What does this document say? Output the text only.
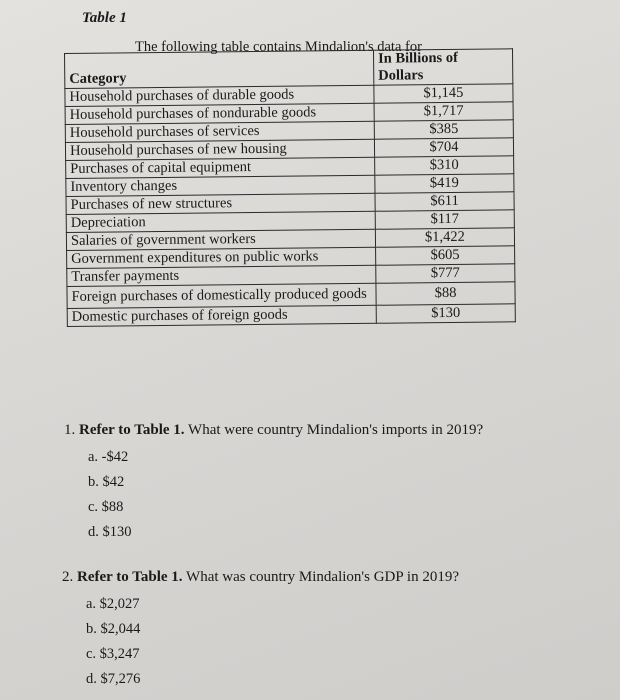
Table 1
The following table contains Mindalion's data for
Category	In Billions of
Dollars

Household purchases of durable goods	$1,145
Household purchases of nondurable goods	$1,717
Household purchases of services	$385
Household purchases of new housing	$704
Purchases of capital equipment	$310
Inventory changes	$419
Purchases of new structures	$611
Depreciation	$117
Salaries of government workers	$1,422
Government expenditures on public works	$605
Transfer payments	$777
Foreign purchases of domestically produced goods	$88
Domestic purchases of foreign goods	$130
1. Refer to Table 1. What were country Mindalion's imports in 2019?
a. -$42
b. $42
c. $88
d. $130
2. Refer to Table 1. What was country Mindalion's GDP in 2019?
a. $2,027
b. $2,044
c. $3,247
d. $7,276
